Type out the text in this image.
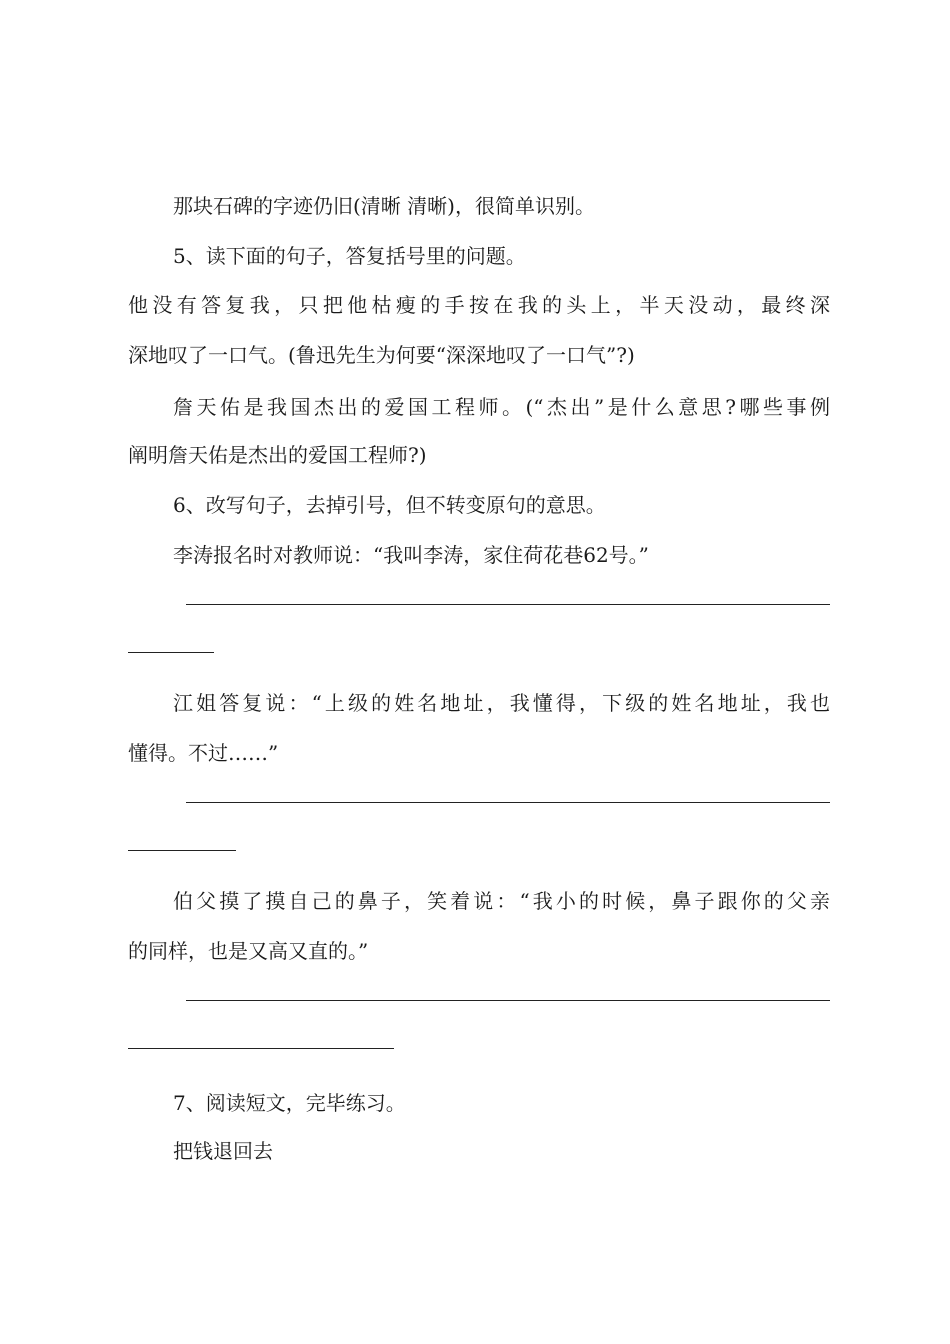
那块石碑的字迹仍旧(清晰 清晰)，很简单识别。

5、读下面的句子，答复括号里的问题。

他没有答复我，只把他枯瘦的手按在我的头上，半天没动，最终深

深地叹了一口气。(鲁迅先生为何要“深深地叹了一口气”?)

詹天佑是我国杰出的爱国工程师。(“杰出”是什么意思?哪些事例

阐明詹天佑是杰出的爱国工程师?)

6、改写句子，去掉引号，但不转变原句的意思。

李涛报名时对教师说：“我叫李涛，家住荷花巷62号。”

江姐答复说：“上级的姓名地址，我懂得，下级的姓名地址，我也

懂得。不过……”

伯父摸了摸自己的鼻子，笑着说：“我小的时候，鼻子跟你的父亲

的同样，也是又高又直的。”

7、阅读短文，完毕练习。

把钱退回去
